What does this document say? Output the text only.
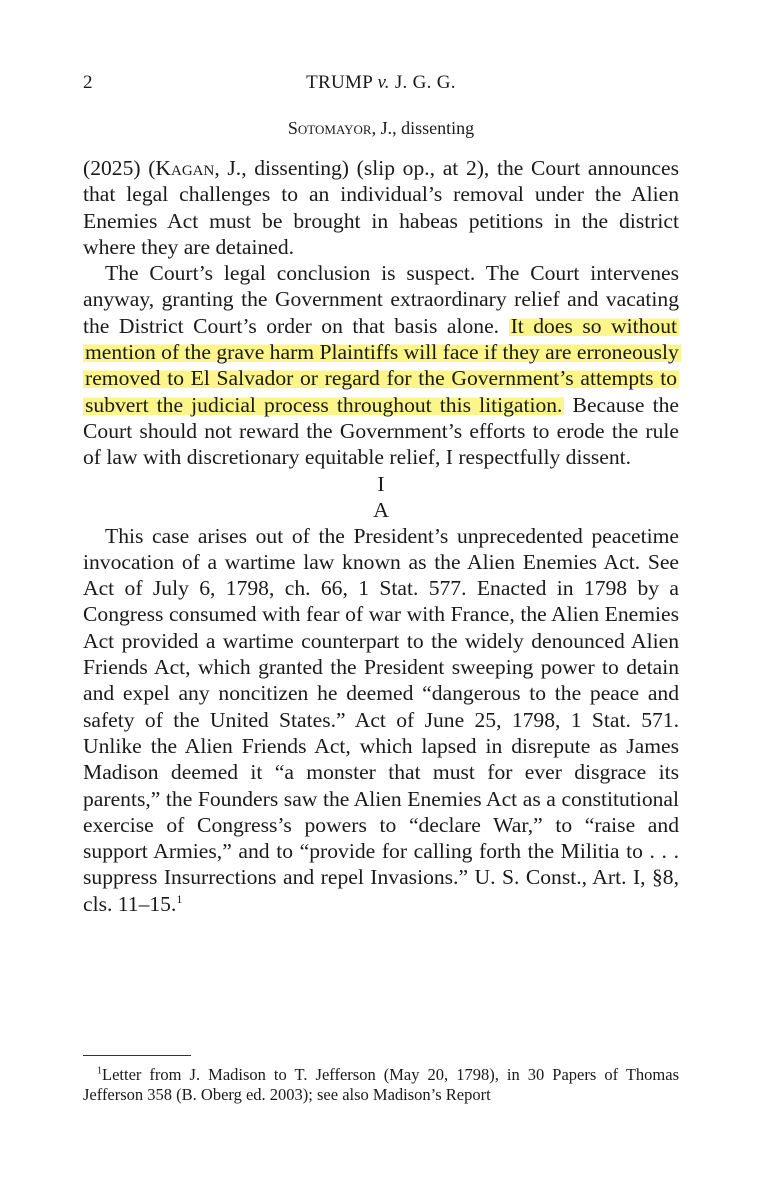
2	TRUMP v. J. G. G.
Sotomayor, J., dissenting

(2025) (Kagan, J., dissenting) (slip op., at 2), the Court announces that legal challenges to an individual’s removal under the Alien Enemies Act must be brought in habeas petitions in the district where they are detained.

The Court’s legal conclusion is suspect. The Court intervenes anyway, granting the Government extraordinary relief and vacating the District Court’s order on that basis alone. It does so without mention of the grave harm Plaintiffs will face if they are erroneously removed to El Salvador or regard for the Government’s attempts to subvert the judicial process throughout this litigation. Because the Court should not reward the Government’s efforts to erode the rule of law with discretionary equitable relief, I respectfully dissent.

I

A

This case arises out of the President’s unprecedented peacetime invocation of a wartime law known as the Alien Enemies Act. See Act of July 6, 1798, ch. 66, 1 Stat. 577. Enacted in 1798 by a Congress consumed with fear of war with France, the Alien Enemies Act provided a wartime counterpart to the widely denounced Alien Friends Act, which granted the President sweeping power to detain and expel any noncitizen he deemed “dangerous to the peace and safety of the United States.” Act of June 25, 1798, 1 Stat. 571. Unlike the Alien Friends Act, which lapsed in disrepute as James Madison deemed it “a monster that must for ever disgrace its parents,” the Founders saw the Alien Enemies Act as a constitutional exercise of Congress’s powers to “declare War,” to “raise and support Armies,” and to “provide for calling forth the Militia to . . . suppress Insurrections and repel Invasions.” U. S. Const., Art. I, §8, cls. 11–15.$^1$

$^1$Letter from J. Madison to T. Jefferson (May 20, 1798), in 30 Papers of Thomas Jefferson 358 (B. Oberg ed. 2003); see also Madison’s Report
